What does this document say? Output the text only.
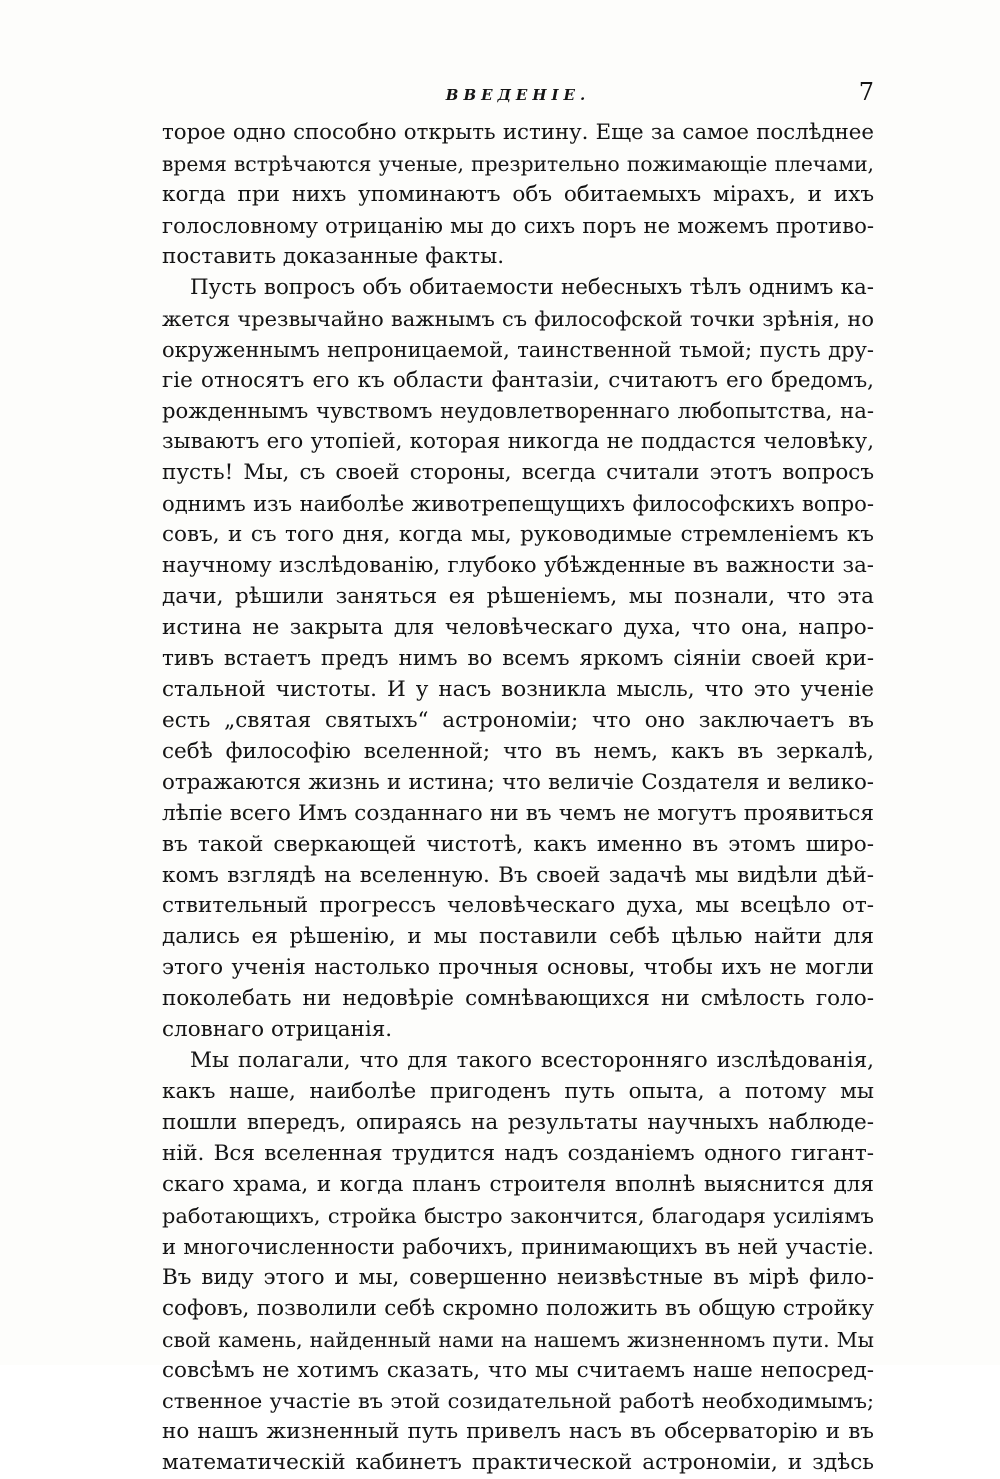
ВВЕДЕНІЕ.	7
торое одно способно открыть истину. Еще за самое послѣднее
время встрѣчаются ученые, презрительно пожимающіе плечами,
когда при нихъ упоминаютъ объ обитаемыхъ мірахъ, и ихъ
голословному отрицанію мы до сихъ поръ не можемъ противо-
поставить доказанные факты.
Пусть вопросъ объ обитаемости небесныхъ тѣлъ однимъ ка-
жется чрезвычайно важнымъ съ философской точки зрѣнія, но
окруженнымъ непроницаемой, таинственной тьмой; пусть дру-
гіе относятъ его къ области фантазіи, считаютъ его бредомъ,
рожденнымъ чувствомъ неудовлетвореннаго любопытства, на-
зываютъ его утопіей, которая никогда не поддастся человѣку,
пусть! Мы, съ своей стороны, всегда считали этотъ вопросъ
однимъ изъ наиболѣе животрепещущихъ философскихъ вопро-
совъ, и съ того дня, когда мы, руководимые стремленіемъ къ
научному изслѣдованію, глубоко убѣжденные въ важности за-
дачи, рѣшили заняться ея рѣшеніемъ, мы познали, что эта
истина не закрыта для человѣческаго духа, что она, напро-
тивъ встаетъ предъ нимъ во всемъ яркомъ сіяніи своей кри-
стальной чистоты. И у насъ возникла мысль, что это ученіе
есть „святая святыхъ“ астрономіи; что оно заключаетъ въ
себѣ философію вселенной; что въ немъ, какъ въ зеркалѣ,
отражаются жизнь и истина; что величіе Создателя и велико-
лѣпіе всего Имъ созданнаго ни въ чемъ не могутъ проявиться
въ такой сверкающей чистотѣ, какъ именно въ этомъ широ-
комъ взглядѣ на вселенную. Въ своей задачѣ мы видѣли дѣй-
ствительный прогрессъ человѣческаго духа, мы всецѣло от-
дались ея рѣшенію, и мы поставили себѣ цѣлью найти для
этого ученія настолько прочныя основы, чтобы ихъ не могли
поколебать ни недовѣріе сомнѣвающихся ни смѣлость голо-
словнаго отрицанія.
Мы полагали, что для такого всесторонняго изслѣдованія,
какъ наше, наиболѣе пригоденъ путь опыта, а потому мы
пошли впередъ, опираясь на результаты научныхъ наблюде-
ній. Вся вселенная трудится надъ созданіемъ одного гигант-
скаго храма, и когда планъ строителя вполнѣ выяснится для
работающихъ, стройка быстро закончится, благодаря усиліямъ
и многочисленности рабочихъ, принимающихъ въ ней участіе.
Въ виду этого и мы, совершенно неизвѣстные въ мірѣ фило-
софовъ, позволили себѣ скромно положить въ общую стройку
свой камень, найденный нами на нашемъ жизненномъ пути. Мы
совсѣмъ не хотимъ сказать, что мы считаемъ наше непосред-
ственное участіе въ этой созидательной работѣ необходимымъ;
но нашъ жизненный путь привелъ насъ въ обсерваторію и въ
математическій кабинетъ практической астрономіи, и здѣсь
